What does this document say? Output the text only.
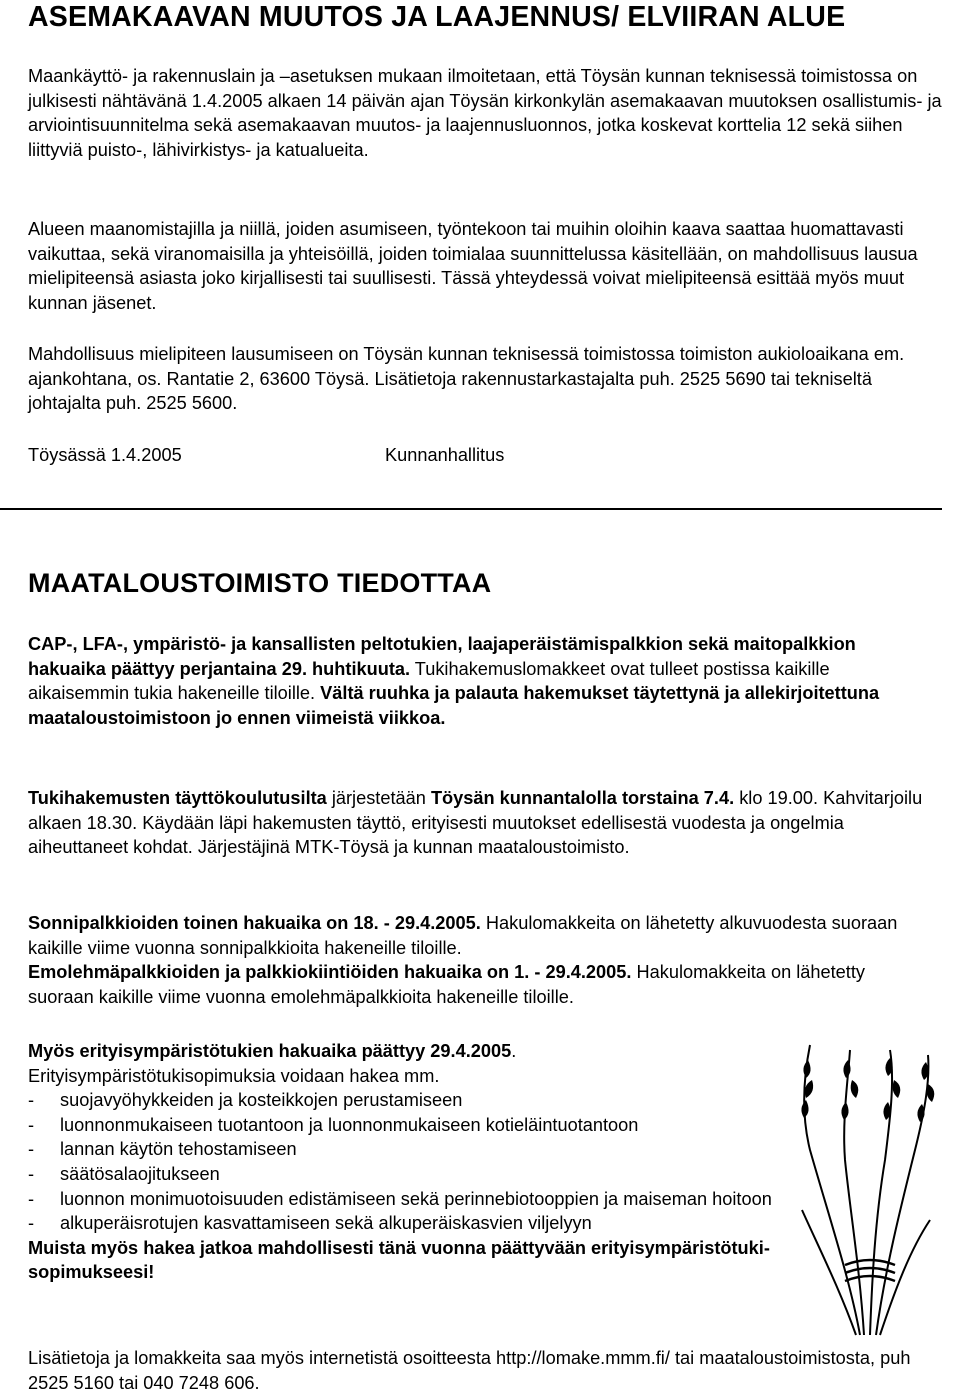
ASEMAKAAVAN MUUTOS JA LAAJENNUS/ ELVIIRAN ALUE

Maankäyttö- ja rakennuslain ja –asetuksen mukaan ilmoitetaan, että Töysän kunnan teknisessä toimistossa on julkisesti nähtävänä 1.4.2005 alkaen 14 päivän ajan Töysän kirkonkylän asemakaavan muutoksen osallistumis- ja arviointisuunnitelma sekä asemakaavan muutos- ja laajennusluonnos, jotka koskevat korttelia 12 sekä siihen liittyviä puisto-, lähivirkistys- ja katualueita.

Alueen maanomistajilla ja niillä, joiden asumiseen, työntekoon tai muihin oloihin kaava saattaa huomattavasti vaikuttaa, sekä viranomaisilla ja yhteisöillä, joiden toimialaa suunnittelussa käsitellään, on mahdollisuus lausua mielipiteensä asiasta joko kirjallisesti tai suullisesti. Tässä yhteydessä voivat mielipiteensä esittää myös muut kunnan jäsenet.

Mahdollisuus mielipiteen lausumiseen on Töysän kunnan teknisessä toimistossa toimiston aukioloaikana em. ajankohtana, os. Rantatie 2, 63600 Töysä. Lisätietoja rakennustarkastajalta puh. 2525 5690 tai tekniseltä johtajalta puh. 2525 5600.

Töysässä 1.4.2005	Kunnanhallitus
MAATALOUSTOIMISTO TIEDOTTAA

CAP-, LFA-, ympäristö- ja kansallisten peltotukien, laajaperäistämispalkkion sekä maitopalkkion hakuaika päättyy perjantaina 29. huhtikuuta. Tukihakemuslomakkeet ovat tulleet postissa kaikille aikaisemmin tukia hakeneille tiloille. Vältä ruuhka ja palauta hakemukset täytettynä ja allekirjoitettuna maataloustoimistoon jo ennen viimeistä viikkoa.

Tukihakemusten täyttökoulutusilta järjestetään Töysän kunnantalolla torstaina 7.4. klo 19.00. Kahvitarjoilu alkaen 18.30. Käydään läpi hakemusten täyttö, erityisesti muutokset edellisestä vuodesta ja ongelmia aiheuttaneet kohdat. Järjestäjinä MTK-Töysä ja kunnan maataloustoimisto.

Sonnipalkkioiden toinen hakuaika on 18. - 29.4.2005. Hakulomakkeita on lähetetty alkuvuodesta suoraan kaikille viime vuonna sonnipalkkioita hakeneille tiloille.
Emolehmäpalkkioiden ja palkkiokiintiöiden hakuaika on 1. - 29.4.2005. Hakulomakkeita on lähetetty suoraan kaikille viime vuonna emolehmäpalkkioita hakeneille tiloille.

Myös erityisympäristötukien hakuaika päättyy 29.4.2005.
Erityisympäristötukisopimuksia voidaan hakea mm.
- suojavyöhykkeiden ja kosteikkojen perustamiseen
- luonnonmukaiseen tuotantoon ja luonnonmukaiseen kotieläintuotantoon
- lannan käytön tehostamiseen
- säätösalaojitukseen
- luonnon monimuotoisuuden edistämiseen sekä perinnebiotooppien ja maiseman hoitoon
- alkuperäisrotujen kasvattamiseen sekä alkuperäiskasvien viljelyyn
Muista myös hakea jatkoa mahdollisesti tänä vuonna päättyvään erityisympäristötuki-sopimukseesi!

Lisätietoja ja lomakkeita saa myös internetistä osoitteesta http://lomake.mmm.fi/ tai maataloustoimistosta, puh 2525 5160 tai 040 7248 606.
